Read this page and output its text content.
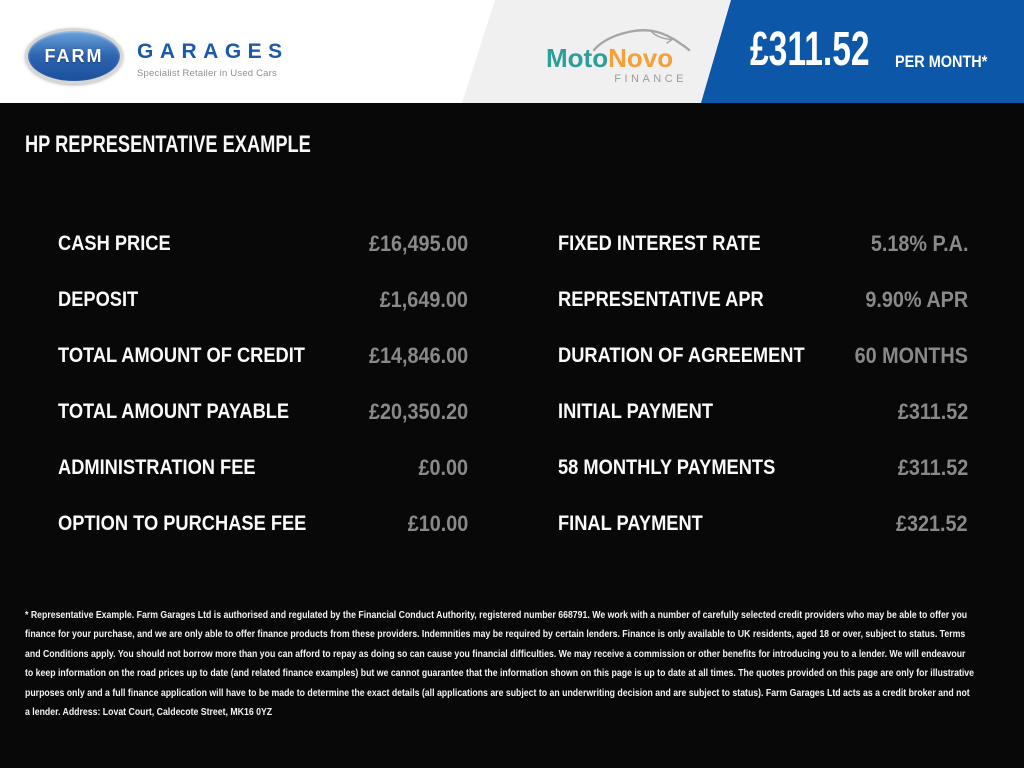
FARM GARAGES
Specialist Retailer in Used Cars
MotoNovo
FINANCE
£311.52 PER MONTH*
HP REPRESENTATIVE EXAMPLE
CASH PRICE	£16,495.00
DEPOSIT	£1,649.00
TOTAL AMOUNT OF CREDIT	£14,846.00
TOTAL AMOUNT PAYABLE	£20,350.20
ADMINISTRATION FEE	£0.00
OPTION TO PURCHASE FEE	£10.00
FIXED INTEREST RATE	5.18% P.A.
REPRESENTATIVE APR	9.90% APR
DURATION OF AGREEMENT 60 MONTHS
INITIAL PAYMENT	£311.52
58 MONTHLY PAYMENTS	£311.52
FINAL PAYMENT	£321.52
* Representative Example. Farm Garages Ltd is authorised and regulated by the Financial Conduct Authority, registered number 668791. We work with a number of carefully selected credit providers who may be able to offer you finance for your purchase, and we are only able to offer finance products from these providers. Indemnities may be required by certain lenders. Finance is only available to UK residents, aged 18 or over, subject to status. Terms and Conditions apply. You should not borrow more than you can afford to repay as doing so can cause you financial difficulties. We may receive a commission or other benefits for introducing you to a lender. We will endeavour to keep information on the road prices up to date (and related finance examples) but we cannot guarantee that the information shown on this page is up to date at all times. The quotes provided on this page are only for illustrative purposes only and a full finance application will have to be made to determine the exact details (all applications are subject to an underwriting decision and are subject to status). Farm Garages Ltd acts as a credit broker and not a lender. Address: Lovat Court, Caldecote Street, MK16 0YZ
